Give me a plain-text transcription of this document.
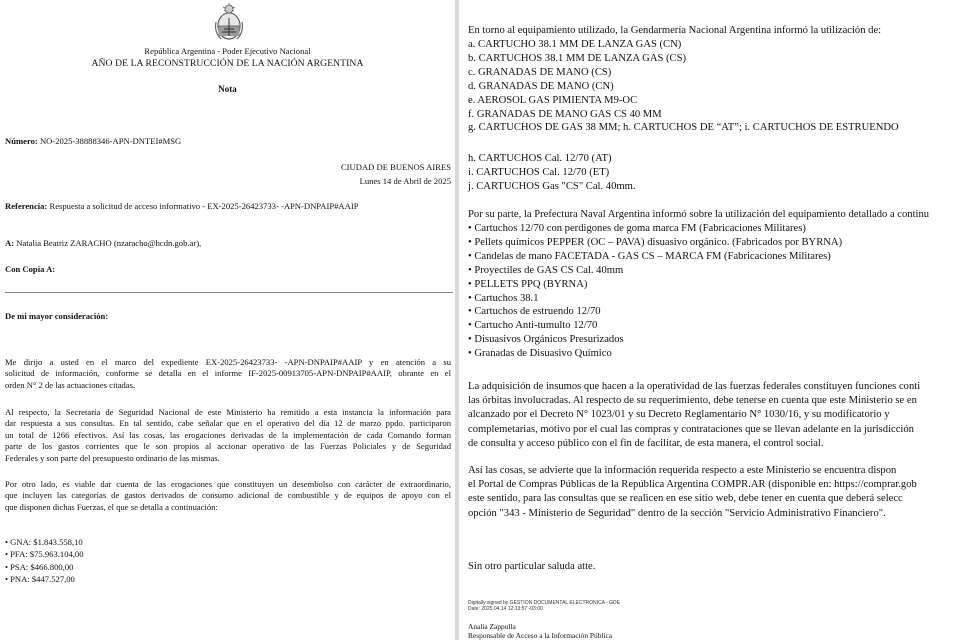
República Argentina - Poder Ejecutivo Nacional
AÑO DE LA RECONSTRUCCIÓN DE LA NACIÓN ARGENTINA
Nota
Número: NO-2025-38888346-APN-DNTEI#MSG
CIUDAD DE BUENOS AIRES
Lunes 14 de Abril de 2025
Referencia: Respuesta a solicitud de acceso informativo - EX-2025-26423733- -APN-DNPAIP#AAIP
A: Natalia Beatriz ZARACHO (nzaracho@hcdn.gob.ar),
Con Copia A:
De mi mayor consideración:
Me dirijo a usted en el marco del expediente EX-2025-26423733- -APN-DNPAIP#AAIP y en atención a su
solicitud de información, conforme se detalla en el informe IF-2025-00913705-APN-DNPAIP#AAIP, obrante en el
orden N° 2 de las actuaciones citadas.
Al respecto, la Secretaría de Seguridad Nacional de este Ministerio ha remitido a esta instancia la información para
dar respuesta a sus consultas. En tal sentido, cabe señalar que en el operativo del día 12 de marzo ppdo. participaron
un total de 1266 efectivos. Así las cosas, las erogaciones derivadas de la implementación de cada Comando forman
parte de los gastos corrientes que le son propios al accionar operativo de las Fuerzas Policiales y de Seguridad
Federales y son parte del presupuesto ordinario de las mismas.
Por otro lado, es viable dar cuenta de las erogaciones que constituyen un desembolso con carácter de extraordinario,
que incluyen las categorías de gastos derivados de consumo adicional de combustible y de equipos de apoyo con el
que disponen dichas Fuerzas, el que se detalla a continuación:
• GNA: $1.843.558,10
• PFA: $75.963.104,00
• PSA: $466.800,00
• PNA: $447.527,00
En torno al equipamiento utilizado, la Gendarmería Nacional Argentina informó la utilización de:
a. CARTUCHO 38.1 MM DE LANZA GAS (CN)
b. CARTUCHOS 38.1 MM DE LANZA GAS (CS)
c. GRANADAS DE MANO (CS)
d. GRANADAS DE MANO (CN)
e. AEROSOL GAS PIMIENTA M9-OC
f. GRANADAS DE MANO GAS CS 40 MM
g. CARTUCHOS DE GAS 38 MM; h. CARTUCHOS DE “AT”; i. CARTUCHOS DE ESTRUENDO
h. CARTUCHOS Cal. 12/70 (AT)
i. CARTUCHOS Cal. 12/70 (ET)
j. CARTUCHOS Gas "CS" Cal. 40mm.
Por su parte, la Prefectura Naval Argentina informó sobre la utilización del equipamiento detallado a continu
• Cartuchos 12/70 con perdigones de goma marca FM (Fabricaciones Militares)
• Pellets químicos PEPPER (OC – PAVA) disuasivo orgánico. (Fabricados por BYRNA)
• Candelas de mano FACETADA - GAS CS – MARCA FM (Fabricaciones Militares)
• Proyectiles de GAS CS Cal. 40mm
• PELLETS PPQ (BYRNA)
• Cartuchos 38.1
• Cartuchos de estruendo 12/70
• Cartucho Anti-tumulto 12/70
• Disuasivos Orgánicos Presurizados
• Granadas de Disuasivo Químico
La adquisición de insumos que hacen a la operatividad de las fuerzas federales constituyen funciones conti
las órbitas involucradas. Al respecto de su requerimiento, debe tenerse en cuenta que este Ministerio se en
alcanzado por el Decreto N° 1023/01 y su Decreto Reglamentario N° 1030/16, y su modificatorio y
complemetarias, motivo por el cual las compras y contrataciones que se llevan adelante en la jurisdicción
de consulta y acceso público con el fin de facilitar, de esta manera, el control social.
Así las cosas, se advierte que la información requerida respecto a este Ministerio se encuentra dispon
el Portal de Compras Públicas de la República Argentina COMPR.AR (disponible en: https://comprar.gob
este sentido, para las consultas que se realicen en ese sitio web, debe tener en cuenta que deberá selecc
opción "343 - Ministerio de Seguridad" dentro de la sección "Servicio Administrativo Financiero".
Sin otro particular saluda atte.
Digitally signed by GESTION DOCUMENTAL ELECTRONICA - GDE
Date: 2025.04.14 12:13:57 -03:00
Analía Zappulla
Responsable de Acceso a la Información Pública
